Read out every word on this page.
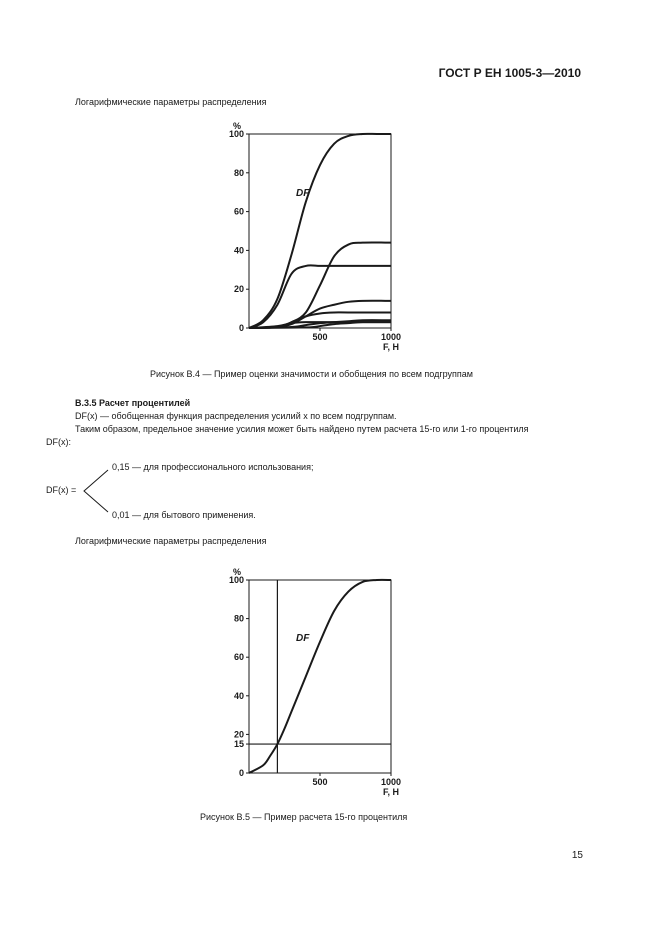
ГОСТ Р ЕН 1005-3—2010
Логарифмические параметры распределения
0
20
40
60
80
100
500	1000
%
F, Н
DF
Рисунок В.4 — Пример оценки значимости и обобщения по всем подгруппам
В.3.5 Расчет процентилей
DF(x) — обобщенная функция распределения усилий x по всем подгруппам.
Таким образом, предельное значение усилия может быть найдено путем расчета 15-го или 1-го процентиля
DF(x):
DF(x) =
0,15 — для профессионального использования;
0,01 — для бытового применения.
Логарифмические параметры распределения
0
15
20
40
60
80
100
500	1000
%
F, Н
DF
Рисунок В.5 — Пример расчета 15-го процентиля
15
